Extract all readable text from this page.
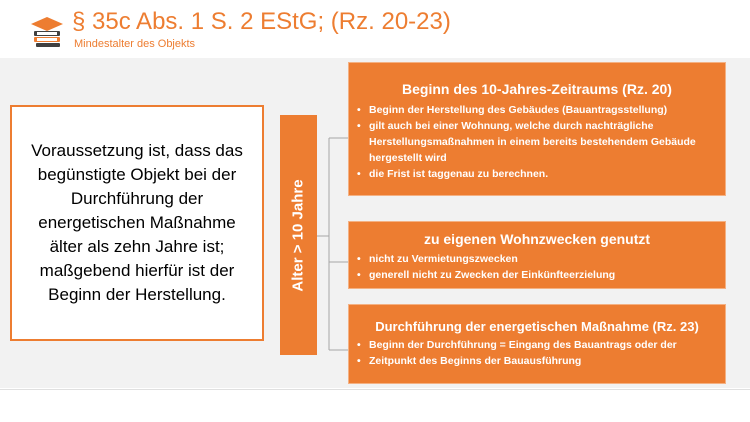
§ 35c Abs. 1 S. 2 EStG; (Rz. 20-23)
Mindestalter des Objekts
Voraussetzung ist, dass das begünstigte Objekt bei der Durchführung der energetischen Maßnahme älter als zehn Jahre ist; maßgebend hierfür ist der Beginn der Herstellung.
Alter > 10 Jahre
Beginn des 10-Jahres-Zeitraums (Rz. 20)
• Beginn der Herstellung des Gebäudes (Bauantragsstellung)
• gilt auch bei einer Wohnung, welche durch nachträgliche Herstellungsmaßnahmen in einem bereits bestehendem Gebäude hergestellt wird
• die Frist ist taggenau zu berechnen.
zu eigenen Wohnzwecken genutzt
• nicht zu Vermietungszwecken
• generell nicht zu Zwecken der Einkünfteerzielung
Durchführung der energetischen Maßnahme (Rz. 23)
• Beginn der Durchführung = Eingang des Bauantrags oder der
• Zeitpunkt des Beginns der Bauausführung
